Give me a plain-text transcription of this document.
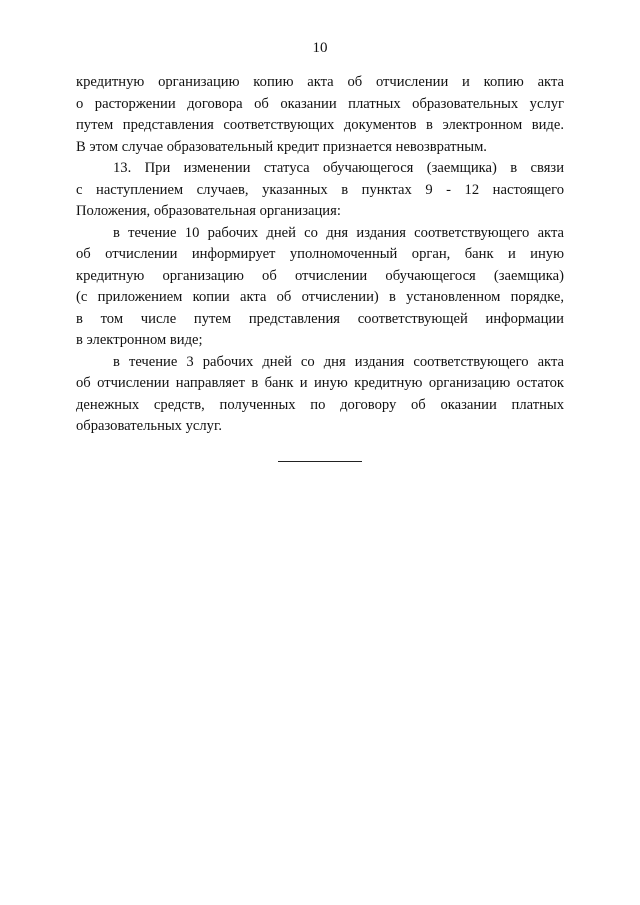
10
кредитную организацию копию акта об отчислении и копию акта
о расторжении договора об оказании платных образовательных услуг
путем представления соответствующих документов в электронном виде.
В этом случае образовательный кредит признается невозвратным.
13. При изменении статуса обучающегося (заемщика) в связи
с наступлением случаев, указанных в пунктах 9 - 12 настоящего
Положения, образовательная организация:
в течение 10 рабочих дней со дня издания соответствующего акта
об отчислении информирует уполномоченный орган, банк и иную
кредитную организацию об отчислении обучающегося (заемщика)
(с приложением копии акта об отчислении) в установленном порядке,
в том числе путем представления соответствующей информации
в электронном виде;
в течение 3 рабочих дней со дня издания соответствующего акта
об отчислении направляет в банк и иную кредитную организацию остаток
денежных средств, полученных по договору об оказании платных
образовательных услуг.
